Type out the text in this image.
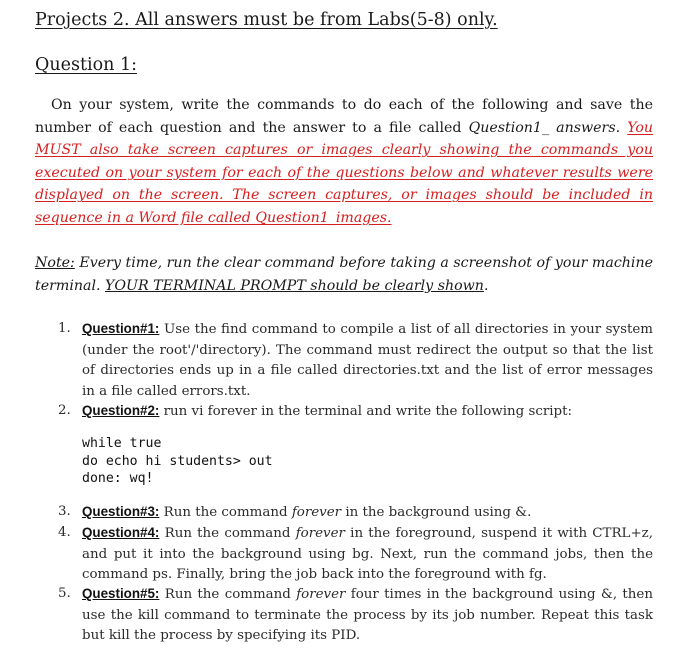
Projects 2. All answers must be from Labs(5-8) only.
Question 1:
On your system, write the commands to do each of the following and save the number of each question and the answer to a file called Question1_ answers. You MUST also take screen captures or images clearly showing the commands you executed on your system for each of the questions below and whatever results were displayed on the screen. The screen captures, or images should be included in sequence in a Word file called Question1_images.
Note: Every time, run the clear command before taking a screenshot of your machine terminal. YOUR TERMINAL PROMPT should be clearly shown.
1. Question#1: Use the find command to compile a list of all directories in your system (under the root'/'directory). The command must redirect the output so that the list of directories ends up in a file called directories.txt and the list of error messages in a file called errors.txt.
2. Question#2: run vi forever in the terminal and write the following script:
while true
do echo hi students> out
done: wq!
3. Question#3: Run the command forever in the background using &.
4. Question#4: Run the command forever in the foreground, suspend it with CTRL+z, and put it into the background using bg. Next, run the command jobs, then the command ps. Finally, bring the job back into the foreground with fg.
5. Question#5: Run the command forever four times in the background using &, then use the kill command to terminate the process by its job number. Repeat this task but kill the process by specifying its PID.
